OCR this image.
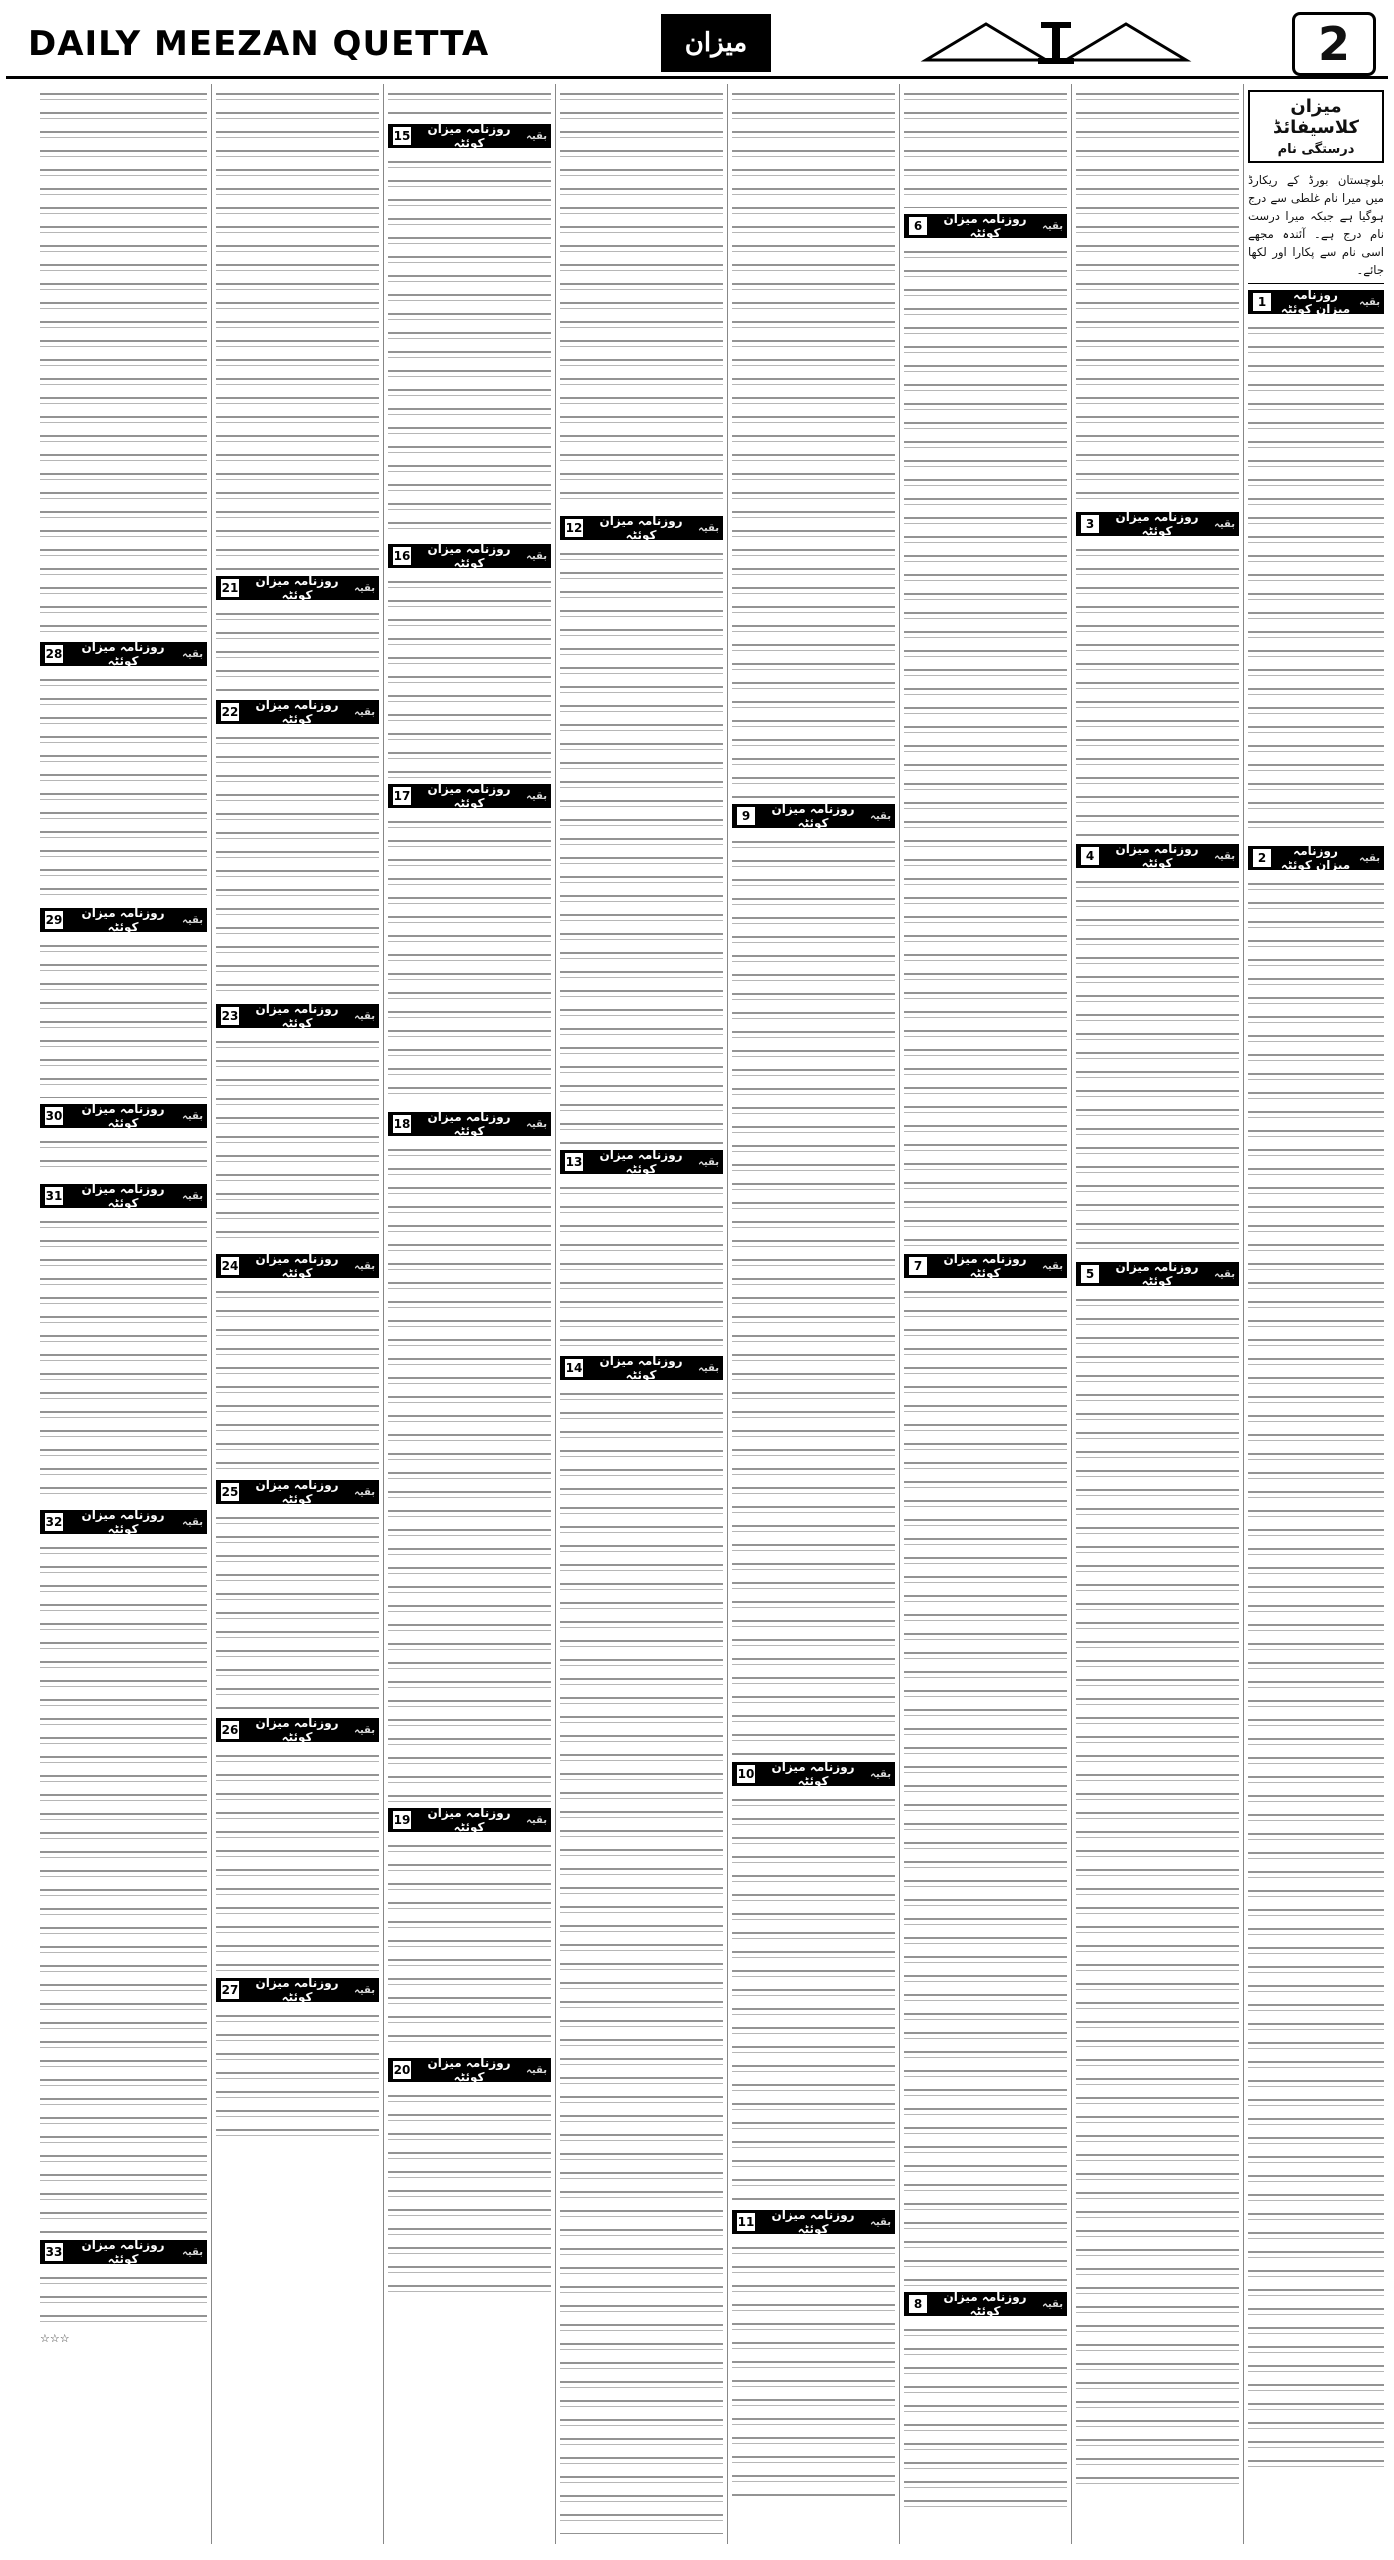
DAILY MEEZAN QUETTA	میزان	2
میزان کلاسیفائڈ
درستگی نام
بلوچستان بورڈ کے ریکارڈ میں میرا نام غلطی سے درج ہوگیا ہے جبکہ میرا درست نام درج ہے۔ آئندہ مجھے اسی نام سے پکارا اور لکھا جائے۔
بقیہ
روزنامہ میزان کوئٹہ
1
بقیہ
روزنامہ میزان کوئٹہ
2
بقیہ
روزنامہ میزان کوئٹہ
3
بقیہ
روزنامہ میزان کوئٹہ
4
بقیہ
روزنامہ میزان کوئٹہ
5
بقیہ
روزنامہ میزان کوئٹہ
6
بقیہ
روزنامہ میزان کوئٹہ
7
بقیہ
روزنامہ میزان کوئٹہ
8
بقیہ
روزنامہ میزان کوئٹہ
9
بقیہ
روزنامہ میزان کوئٹہ
10
بقیہ
روزنامہ میزان کوئٹہ
11
بقیہ
روزنامہ میزان کوئٹہ
12
بقیہ
روزنامہ میزان کوئٹہ
13
بقیہ
روزنامہ میزان کوئٹہ
14
بقیہ
روزنامہ میزان کوئٹہ
15
بقیہ
روزنامہ میزان کوئٹہ
16
بقیہ
روزنامہ میزان کوئٹہ
17
بقیہ
روزنامہ میزان کوئٹہ
18
بقیہ
روزنامہ میزان کوئٹہ
19
بقیہ
روزنامہ میزان کوئٹہ
20
بقیہ
روزنامہ میزان کوئٹہ
21
بقیہ
روزنامہ میزان کوئٹہ
22
بقیہ
روزنامہ میزان کوئٹہ
23
بقیہ
روزنامہ میزان کوئٹہ
24
بقیہ
روزنامہ میزان کوئٹہ
25
بقیہ
روزنامہ میزان کوئٹہ
26
بقیہ
روزنامہ میزان کوئٹہ
27
بقیہ
روزنامہ میزان کوئٹہ
28
بقیہ
روزنامہ میزان کوئٹہ
29
بقیہ
روزنامہ میزان کوئٹہ
30
بقیہ
روزنامہ میزان کوئٹہ
31
بقیہ
روزنامہ میزان کوئٹہ
32
بقیہ
روزنامہ میزان کوئٹہ
33
☆☆☆
